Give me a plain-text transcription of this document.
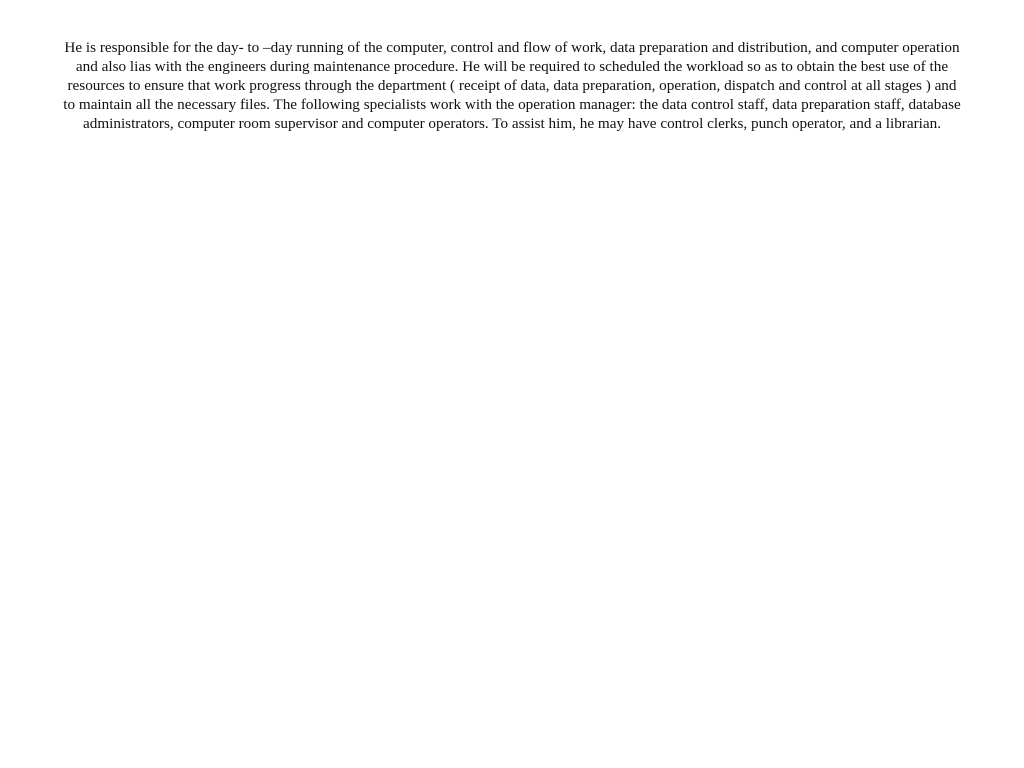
He is responsible for the day- to –day running of the computer, control and flow of work, data preparation and distribution, and computer operation and also lias with the engineers during maintenance procedure. He will be required to scheduled the workload so as to obtain the best use of the resources to ensure that work progress through the department ( receipt of data, data preparation, operation, dispatch and control at all stages ) and to maintain all the necessary files. The following specialists work with the operation manager: the data control staff, data preparation staff, database administrators, computer room supervisor and computer operators. To assist him, he may have control clerks, punch operator, and a librarian.
